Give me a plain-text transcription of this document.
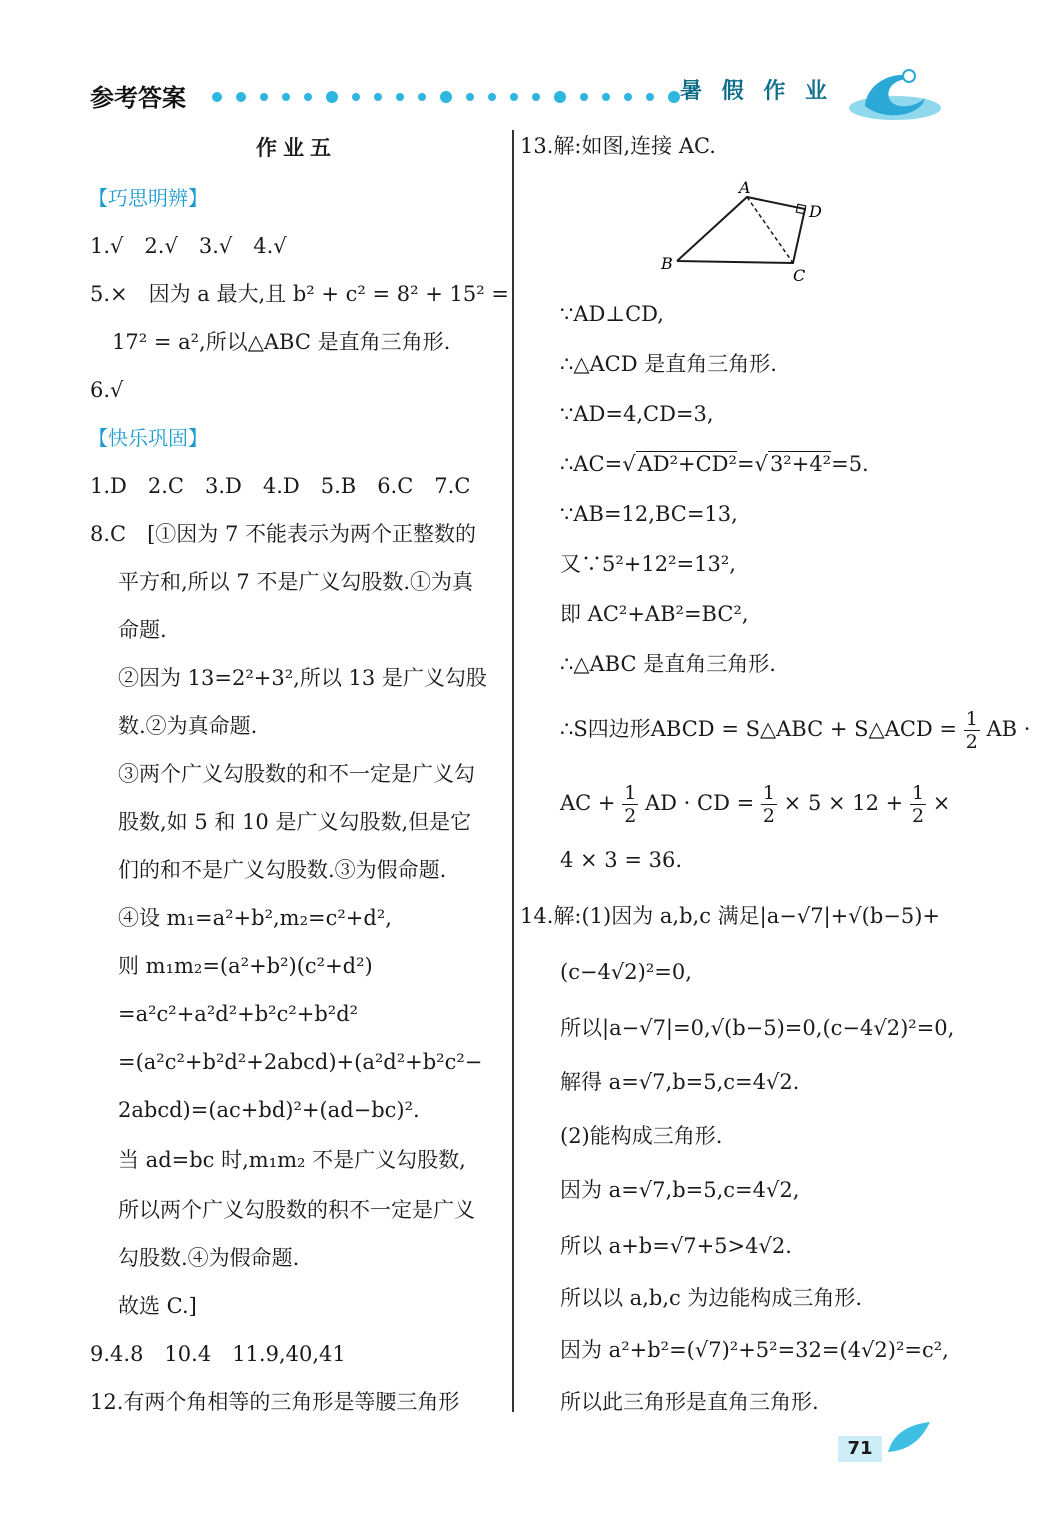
参考答案	暑 假 作 业
作业五
【巧思明辨】
1.√　2.√　3.√　4.√
5.×　因为 a 最大,且 b² + c² = 8² + 15² =
17² = a²,所以△ABC 是直角三角形.
6.√
【快乐巩固】
1.D　2.C　3.D　4.D　5.B　6.C　7.C
8.C　[①因为 7 不能表示为两个正整数的
平方和,所以 7 不是广义勾股数.①为真
命题.
②因为 13=2²+3²,所以 13 是广义勾股
数.②为真命题.
③两个广义勾股数的和不一定是广义勾
股数,如 5 和 10 是广义勾股数,但是它
们的和不是广义勾股数.③为假命题.
④设 m₁=a²+b²,m₂=c²+d²,
则 m₁m₂=(a²+b²)(c²+d²)
=a²c²+a²d²+b²c²+b²d²
=(a²c²+b²d²+2abcd)+(a²d²+b²c²−
2abcd)=(ac+bd)²+(ad−bc)².
当 ad=bc 时,m₁m₂ 不是广义勾股数,
所以两个广义勾股数的积不一定是广义
勾股数.④为假命题.
故选 C.]
9.4.8　10.4　11.9,40,41
12.有两个角相等的三角形是等腰三角形
13.解:如图,连接 AC.
A
B
C
D
∵AD⊥CD,
∴△ACD 是直角三角形.
∵AD=4,CD=3,
∴AC=√AD²+CD²=√3²+4²=5.
∵AB=12,BC=13,
又∵5²+12²=13²,
即 AC²+AB²=BC²,
∴△ABC 是直角三角形.
∴S四边形ABCD = S△ABC + S△ACD = $\frac{1}{2}$ AB ·
AC + $\frac{1}{2}$ AD · CD = $\frac{1}{2} \times 5 \times 12 + \frac{1}{2}$ ×
4 × 3 = 36.
14.解:(1)因为 a,b,c 满足|a−√7|+√(b−5)+
(c−4√2)²=0,
所以|a−√7|=0,√(b−5)=0,(c−4√2)²=0,
解得 a=√7,b=5,c=4√2.
(2)能构成三角形.
因为 a=√7,b=5,c=4√2,
所以 a+b=√7+5>4√2.
所以以 a,b,c 为边能构成三角形.
因为 a²+b²=(√7)²+5²=32=(4√2)²=c²,
所以此三角形是直角三角形.
71
